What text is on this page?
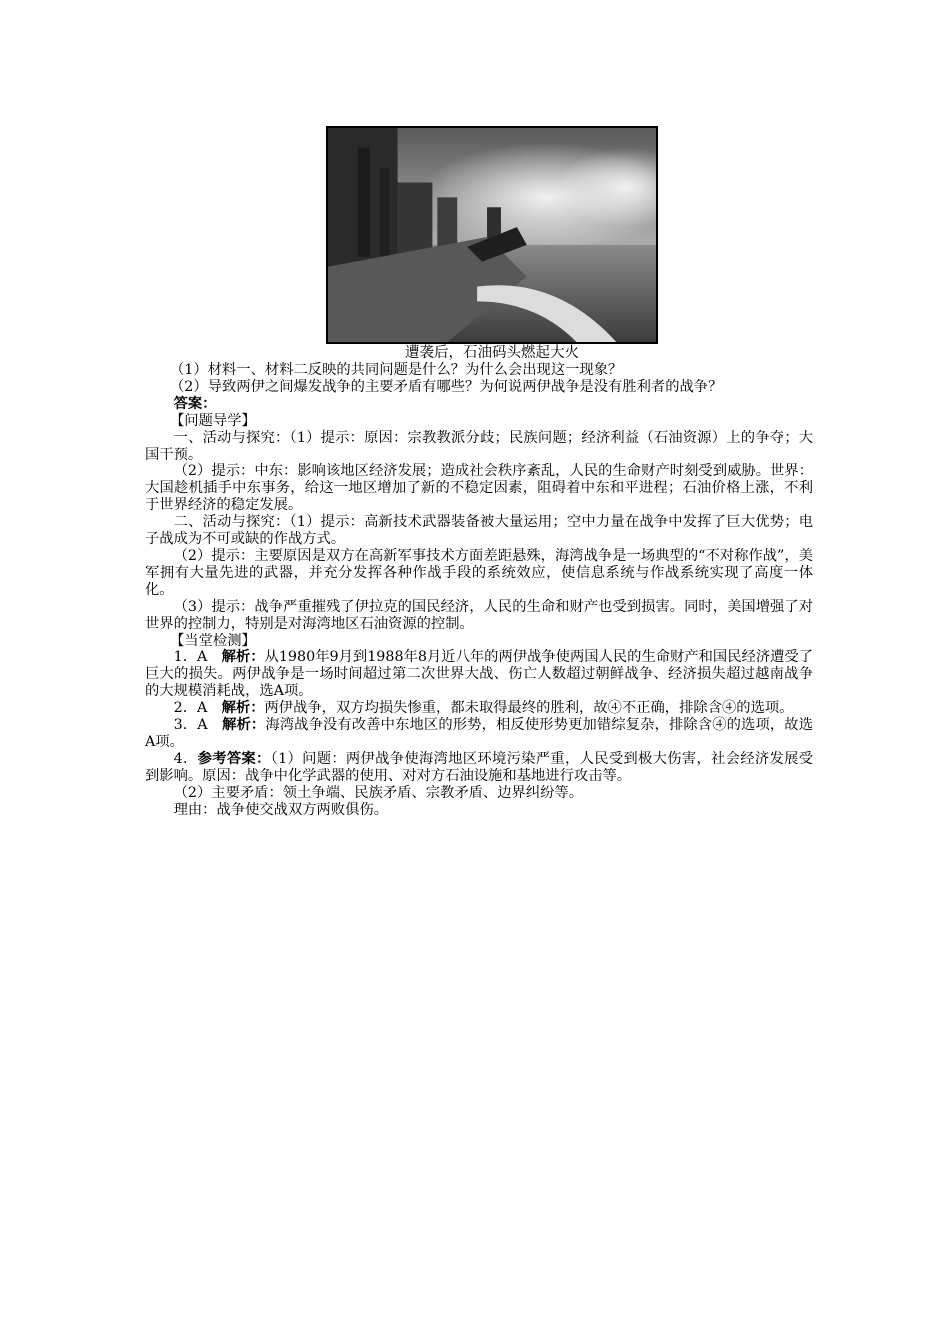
遭袭后，石油码头燃起大火

（1）材料一、材料二反映的共同问题是什么？为什么会出现这一现象？

（2）导致两伊之间爆发战争的主要矛盾有哪些？为何说两伊战争是没有胜利者的战争？

答案：

【问题导学】

一、活动与探究：（1）提示：原因：宗教教派分歧；民族问题；经济利益（石油资源）上的争夺；大国干预。

（2）提示：中东：影响该地区经济发展；造成社会秩序紊乱，人民的生命财产时刻受到威胁。世界：大国趁机插手中东事务，给这一地区增加了新的不稳定因素，阻碍着中东和平进程；石油价格上涨，不利于世界经济的稳定发展。

二、活动与探究：（1）提示：高新技术武器装备被大量运用；空中力量在战争中发挥了巨大优势；电子战成为不可或缺的作战方式。

（2）提示：主要原因是双方在高新军事技术方面差距悬殊，海湾战争是一场典型的“不对称作战”，美军拥有大量先进的武器，并充分发挥各种作战手段的系统效应，使信息系统与作战系统实现了高度一体化。

（3）提示：战争严重摧残了伊拉克的国民经济，人民的生命和财产也受到损害。同时，美国增强了对世界的控制力，特别是对海湾地区石油资源的控制。

【当堂检测】

1．A　解析：从1980年9月到1988年8月近八年的两伊战争使两国人民的生命财产和国民经济遭受了巨大的损失。两伊战争是一场时间超过第二次世界大战、伤亡人数超过朝鲜战争、经济损失超过越南战争的大规模消耗战，选A项。

2．A　解析：两伊战争，双方均损失惨重，都未取得最终的胜利，故④不正确，排除含④的选项。

3．A　解析：海湾战争没有改善中东地区的形势，相反使形势更加错综复杂，排除含④的选项，故选A项。

4．参考答案：（1）问题：两伊战争使海湾地区环境污染严重，人民受到极大伤害，社会经济发展受到影响。原因：战争中化学武器的使用、对对方石油设施和基地进行攻击等。

（2）主要矛盾：领土争端、民族矛盾、宗教矛盾、边界纠纷等。

理由：战争使交战双方两败俱伤。
